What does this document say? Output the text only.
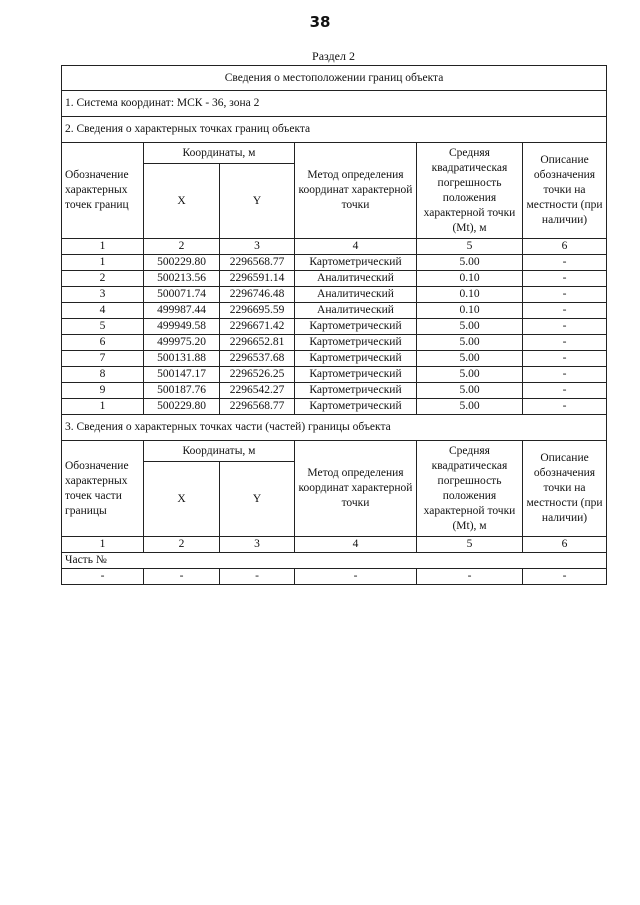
38
Раздел 2
Сведения о местоположении границ объекта					
1. Система координат: МСК - 36, зона 2					
2. Сведения о характерных точках границ объекта					
Обозначение характерных точек границ	Координаты, м		Метод определения координат характерной точки	Средняя квадратическая погрешность положения характерной точки (Mt), м	Описание обозначения точки на местности (при наличии)
	X	Y			
1	2	3	4	5	6
1	500229.80	2296568.77	Картометрический	5.00	-
2	500213.56	2296591.14	Аналитический	0.10	-
3	500071.74	2296746.48	Аналитический	0.10	-
4	499987.44	2296695.59	Аналитический	0.10	-
5	499949.58	2296671.42	Картометрический	5.00	-
6	499975.20	2296652.81	Картометрический	5.00	-
7	500131.88	2296537.68	Картометрический	5.00	-
8	500147.17	2296526.25	Картометрический	5.00	-
9	500187.76	2296542.27	Картометрический	5.00	-
1	500229.80	2296568.77	Картометрический	5.00	-
3. Сведения о характерных точках части (частей) границы объекта					
Обозначение характерных точек части границы	Координаты, м		Метод определения координат характерной точки	Средняя квадратическая погрешность положения характерной точки (Mt), м	Описание обозначения точки на местности (при наличии)
	X	Y			
1	2	3	4	5	6
Часть №					
-	-	-	-	-	-
